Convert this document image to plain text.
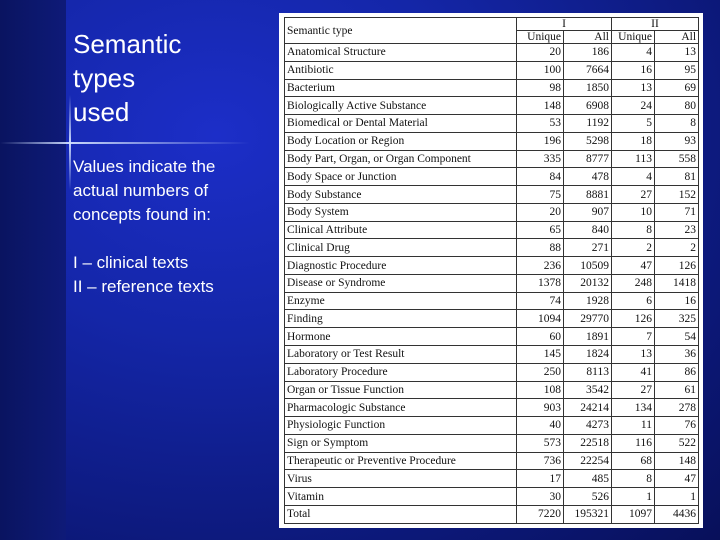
Semantic
types
used
Values indicate the
actual numbers of
concepts found in:
I – clinical texts
II – reference texts
Semantic type	I		II	
	Unique	All	Unique	All
Anatomical Structure	20	186	4	13
Antibiotic	100	7664	16	95
Bacterium	98	1850	13	69
Biologically Active Substance	148	6908	24	80
Biomedical or Dental Material	53	1192	5	8
Body Location or Region	196	5298	18	93
Body Part, Organ, or Organ Component	335	8777	113	558
Body Space or Junction	84	478	4	81
Body Substance	75	8881	27	152
Body System	20	907	10	71
Clinical Attribute	65	840	8	23
Clinical Drug	88	271	2	2
Diagnostic Procedure	236	10509	47	126
Disease or Syndrome	1378	20132	248	1418
Enzyme	74	1928	6	16
Finding	1094	29770	126	325
Hormone	60	1891	7	54
Laboratory or Test Result	145	1824	13	36
Laboratory Procedure	250	8113	41	86
Organ or Tissue Function	108	3542	27	61
Pharmacologic Substance	903	24214	134	278
Physiologic Function	40	4273	11	76
Sign or Symptom	573	22518	116	522
Therapeutic or Preventive Procedure	736	22254	68	148
Virus	17	485	8	47
Vitamin	30	526	1	1
Total	7220	195321	1097	4436
